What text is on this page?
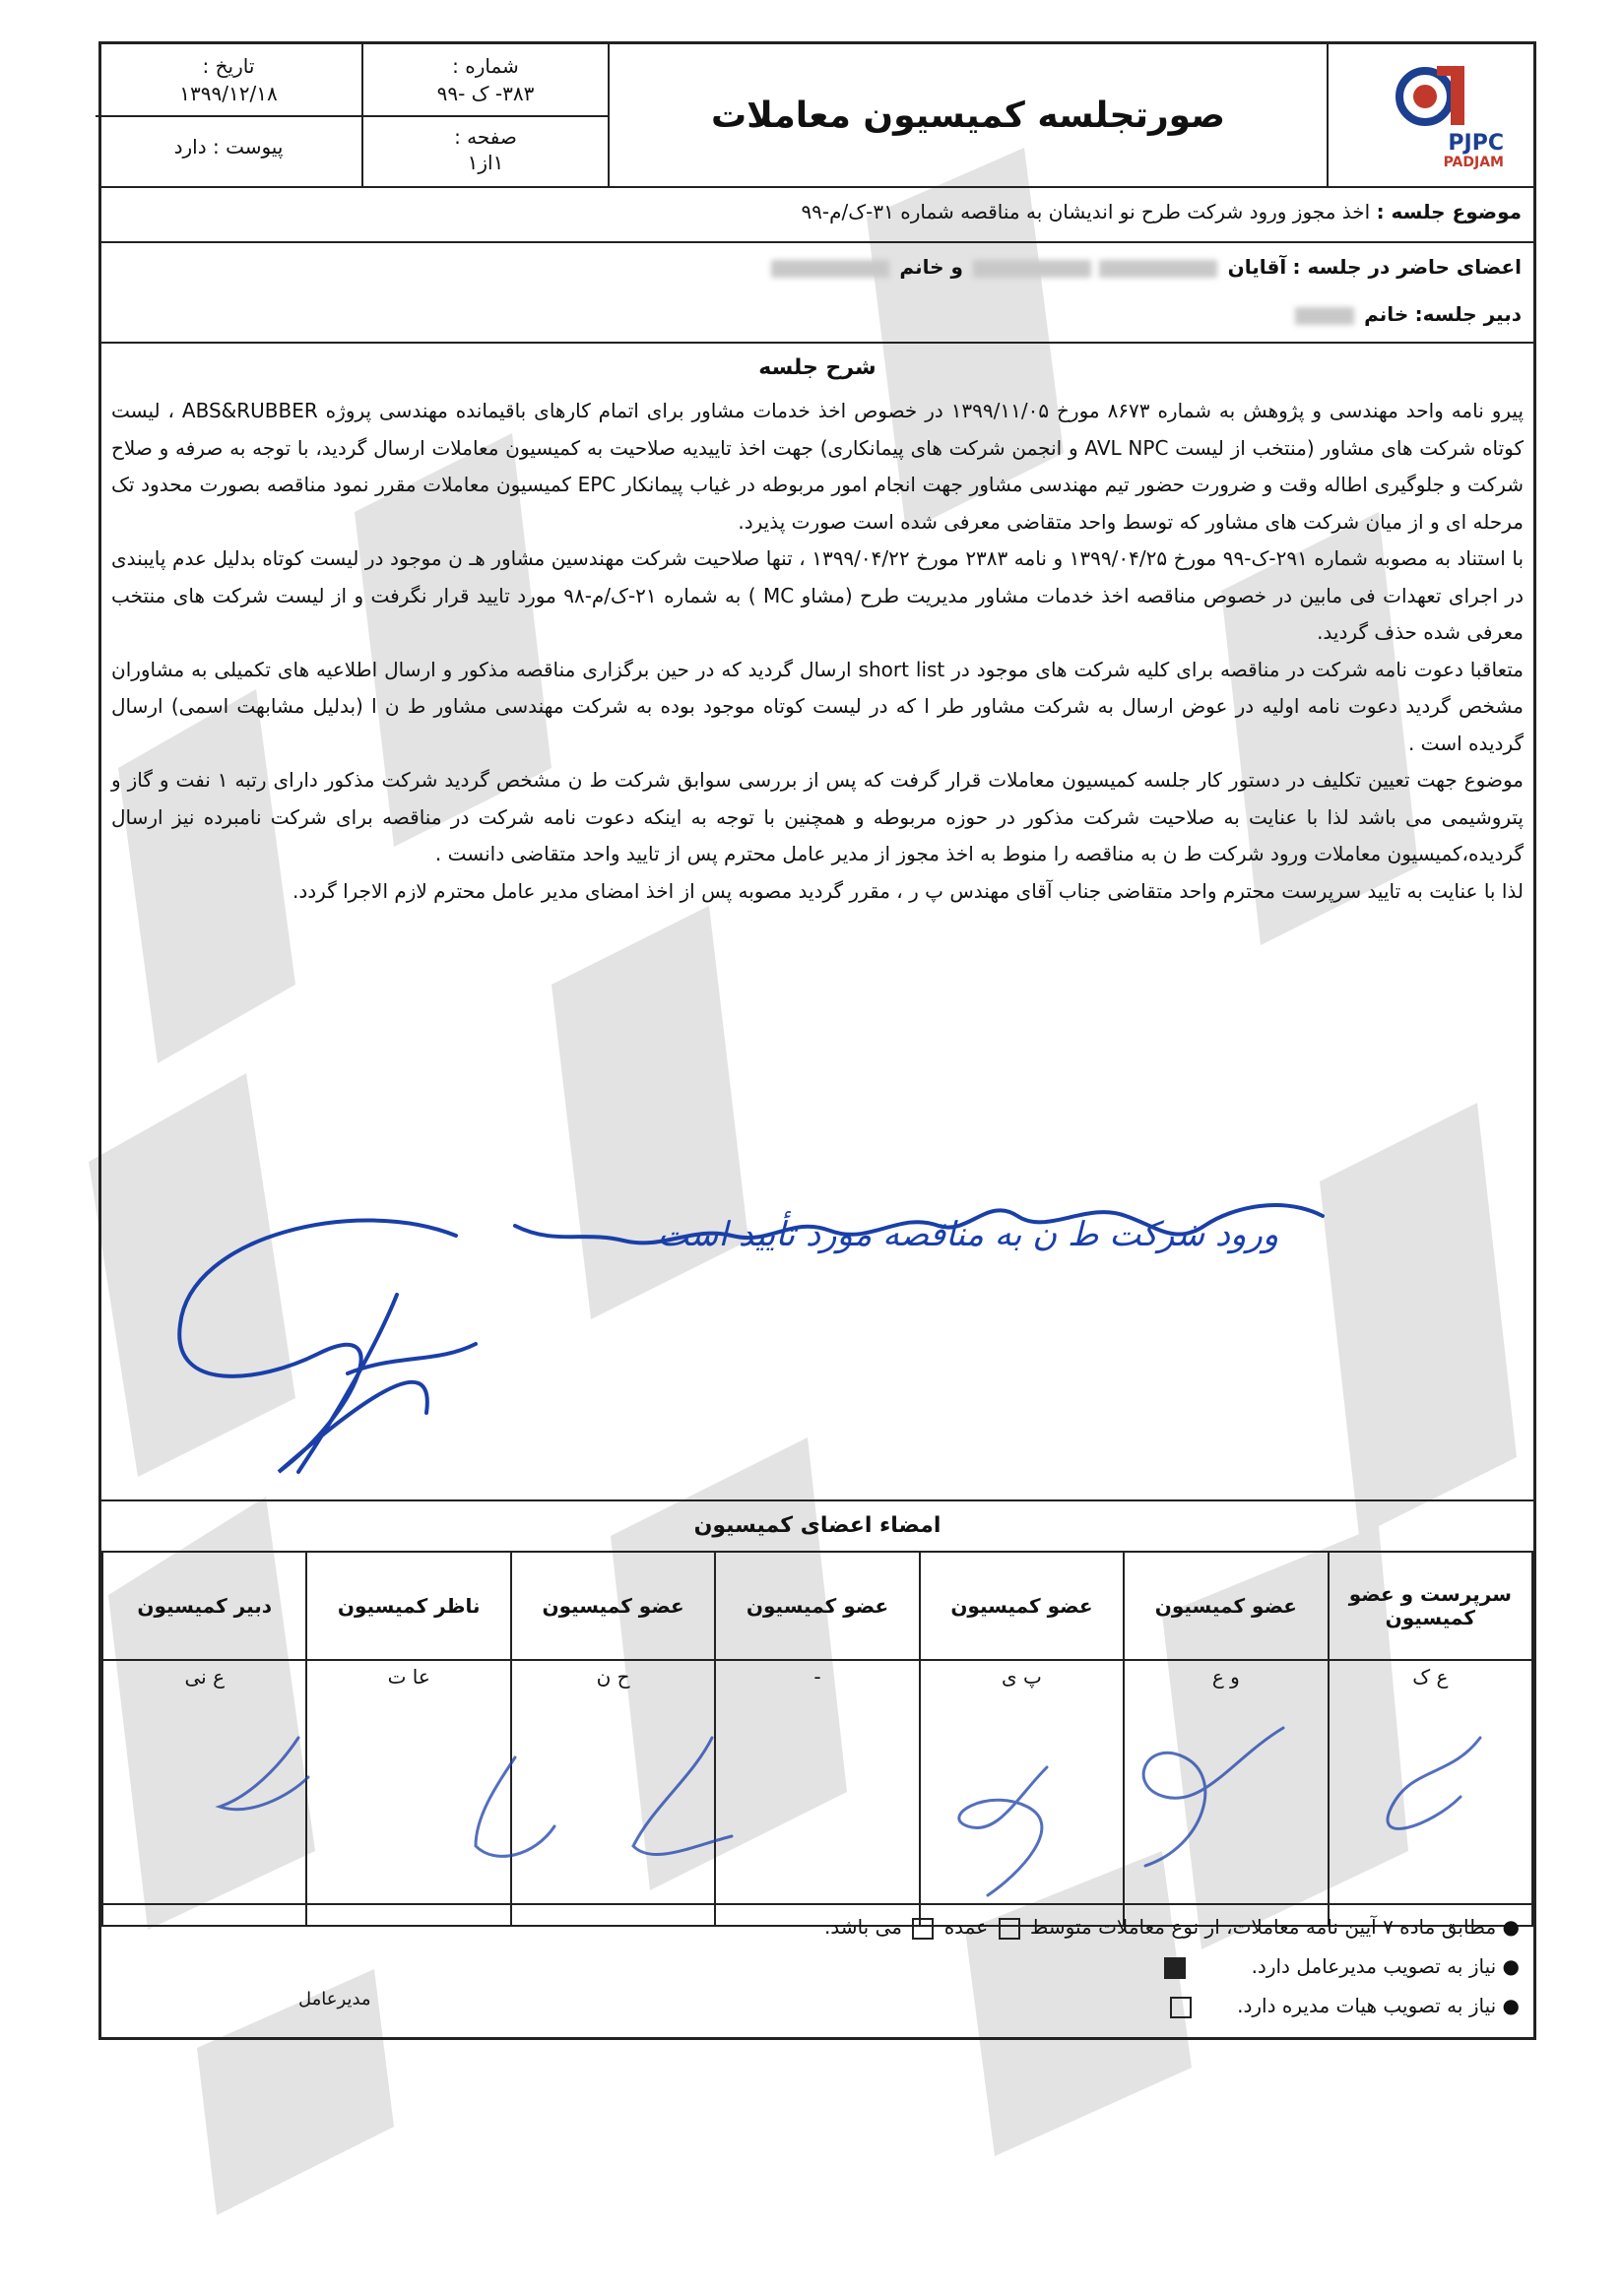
PJPC
PADJAM
صورتجلسه کمیسیون معاملات
شماره :
۳۸۳- ک -۹۹
صفحه :
۱از۱
تاریخ :
۱۳۹۹/۱۲/۱۸
پیوست : دارد
موضوع جلسه : اخذ مجوز ورود شرکت طرح نو اندیشان به مناقصه شماره ۳۱-ک/م-۹۹
اعضای حاضر در جلسه : آقایان  و خانم
دبیر جلسه: خانم
شرح جلسه

پیرو نامه واحد مهندسی و پژوهش به شماره ۸۶۷۳ مورخ ۱۳۹۹/۱۱/۰۵ در خصوص اخذ خدمات مشاور برای اتمام کارهای باقیمانده مهندسی پروژه ABS&RUBBER ، لیست کوتاه شرکت های مشاور (منتخب از لیست AVL NPC و انجمن شرکت های پیمانکاری) جهت اخذ تاییدیه صلاحیت به کمیسیون معاملات ارسال گردید، با توجه به صرفه و صلاح شرکت و جلوگیری اطاله وقت و ضرورت حضور تیم مهندسی مشاور جهت انجام امور مربوطه در غیاب پیمانکار EPC کمیسیون معاملات مقرر نمود مناقصه بصورت محدود تک مرحله ای و از میان شرکت های مشاور که توسط واحد متقاضی معرفی شده است صورت پذیرد.

با استناد به مصوبه شماره ۲۹۱-ک-۹۹ مورخ ۱۳۹۹/۰۴/۲۵ و نامه ۲۳۸۳ مورخ ۱۳۹۹/۰۴/۲۲ ، تنها صلاحیت شرکت مهندسین مشاور هـ ن موجود در لیست کوتاه بدلیل عدم پایبندی در اجرای تعهدات فی مابین در خصوص مناقصه اخذ خدمات مشاور مدیریت طرح (مشاو MC ) به شماره ۲۱-ک/م-۹۸ مورد تایید قرار نگرفت و از لیست شرکت های منتخب معرفی شده حذف گردید.

متعاقبا دعوت نامه شرکت در مناقصه برای کلیه شرکت های موجود در short list ارسال گردید که در حین برگزاری مناقصه مذکور و ارسال اطلاعیه های تکمیلی به مشاوران مشخص گردید دعوت نامه اولیه در عوض ارسال به شرکت مشاور طر ا که در لیست کوتاه موجود بوده به شرکت مهندسی مشاور ط ن ا (بدلیل مشابهت اسمی) ارسال گردیده است .

موضوع جهت تعیین تکلیف در دستور کار جلسه کمیسیون معاملات قرار گرفت که پس از بررسی سوابق شرکت ط ن مشخص گردید شرکت مذکور دارای رتبه ۱ نفت و گاز و پتروشیمی می باشد لذا با عنایت به صلاحیت شرکت مذکور در حوزه مربوطه و همچنین با توجه به اینکه دعوت نامه شرکت در مناقصه برای شرکت نامبرده نیز ارسال گردیده،کمیسیون معاملات ورود شرکت ط ن به مناقصه را منوط به اخذ مجوز از مدیر عامل محترم پس از تایید واحد متقاضی دانست .

لذا با عنایت به تایید سرپرست محترم واحد متقاضی جناب آقای مهندس پ ر ، مقرر گردید مصوبه پس از اخذ امضای مدیر عامل محترم لازم الاجرا گردد.

ورود شرکت ط ن به مناقصه مورد تأیید است
امضاء اعضای کمیسیون
سرپرست و عضو کمیسیون	عضو کمیسیون	عضو کمیسیون	عضو کمیسیون	عضو کمیسیون	ناظر کمیسیون	دبیر کمیسیون
ع ک	و ع	پ ی	-	ح ن	عا ت	ع نی
● مطابق ماده ۷ آیین نامه معاملات، از نوع معاملات متوسط  عمده  می باشد.
● نیاز به تصویب مدیرعامل دارد.
● نیاز به تصویب هیات مدیره دارد.
مدیرعامل
